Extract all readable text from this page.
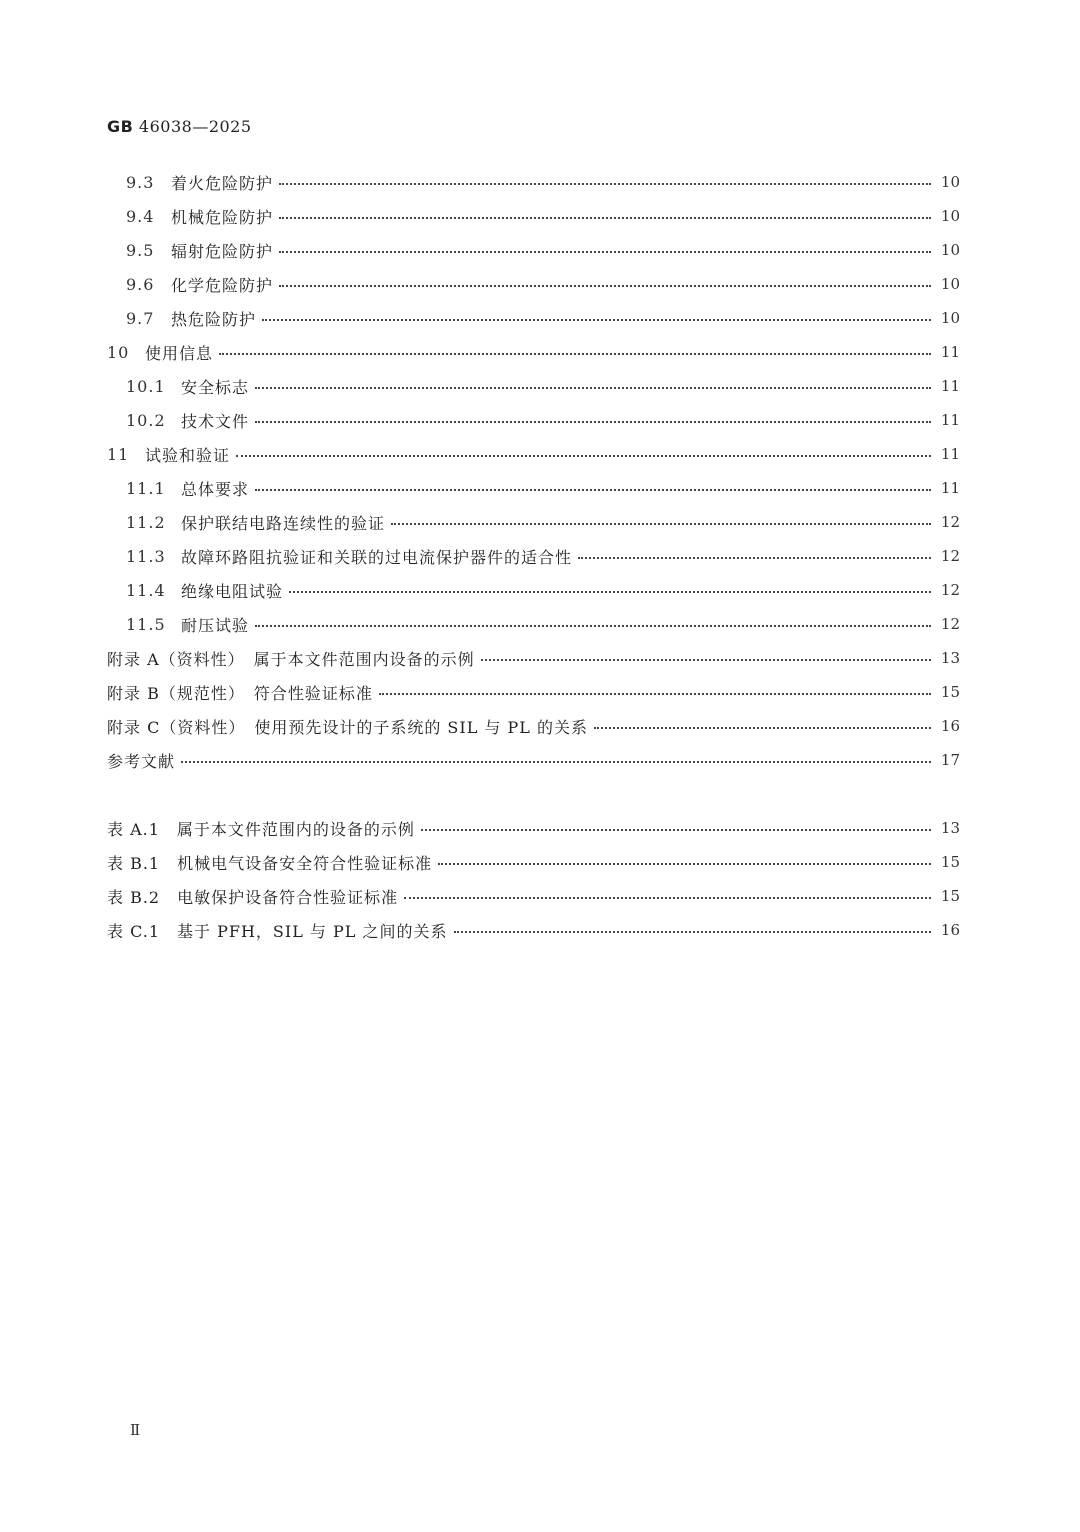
GB 46038—2025
9.3	着火危险防护	10
9.4	机械危险防护	10
9.5	辐射危险防护	10
9.6	化学危险防护	10
9.7	热危险防护	10
10 使用信息	11
10.1 安全标志	11
10.2 技术文件	11
11 试验和验证	11
11.1 总体要求	11
11.2 保护联结电路连续性的验证	12
11.3 故障环路阻抗验证和关联的过电流保护器件的适合性	12
11.4 绝缘电阻试验	12
11.5 耐压试验	12
附录 A（资料性）　属于本文件范围内设备的示例	13
附录 B（规范性）　符合性验证标准	15
附录 C（资料性）　使用预先设计的子系统的 SIL 与 PL 的关系	16
参考文献	17
表 A.1　属于本文件范围内的设备的示例	13
表 B.1　机械电气设备安全符合性验证标准	15
表 B.2　电敏保护设备符合性验证标准	15
表 C.1　基于 PFH，SIL 与 PL 之间的关系	16
Ⅱ
